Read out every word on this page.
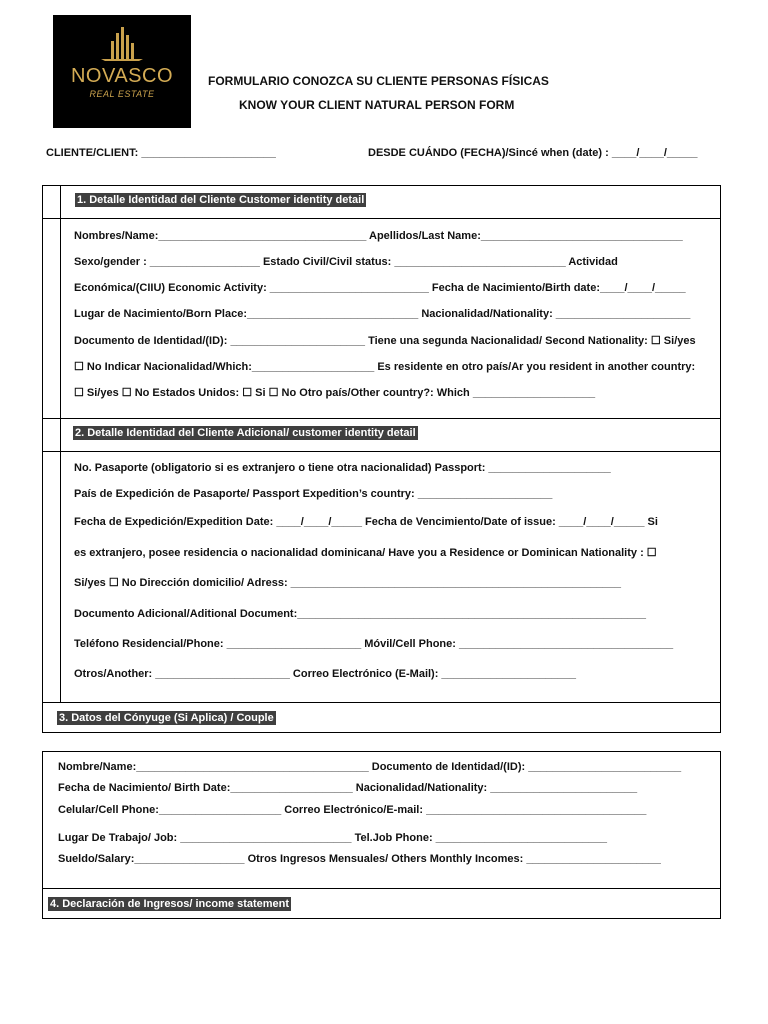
NOVASCO
REAL ESTATE
FORMULARIO CONOZCA SU CLIENTE PERSONAS FÍSICAS
KNOW YOUR CLIENT NATURAL PERSON FORM
CLIENTE/CLIENT: ______________________	DESDE CUÁNDO (FECHA)/Sincé when (date) : ____/____/_____
1. Detalle Identidad del Cliente Customer identity detail
Nombres/Name:__________________________________ Apellidos/Last Name:_________________________________
Sexo/gender : __________________ Estado Civil/Civil status: ____________________________ Actividad
Económica/(CIIU) Economic Activity: __________________________ Fecha de Nacimiento/Birth date:____/____/_____
Lugar de Nacimiento/Born Place:____________________________ Nacionalidad/Nationality: ______________________
Documento de Identidad/(ID): ______________________ Tiene una segunda Nacionalidad/ Second Nationality: ☐ Si/yes
☐ No Indicar Nacionalidad/Which:____________________ Es residente en otro país/Ar you resident in another country:
☐ Si/yes ☐ No Estados Unidos: ☐ Si ☐ No Otro país/Other country?: Which ____________________
2. Detalle Identidad del Cliente Adicional/ customer identity detail
No. Pasaporte (obligatorio si es extranjero o tiene otra nacionalidad) Passport: ____________________
País de Expedición de Pasaporte/ Passport Expedition’s country: ______________________
Fecha de Expedición/Expedition Date: ____/____/_____ Fecha de Vencimiento/Date of issue: ____/____/_____ Si
es extranjero, posee residencia o nacionalidad dominicana/ Have you a Residence or Dominican Nationality : ☐
Si/yes ☐ No Dirección domicilio/ Adress: ______________________________________________________
Documento Adicional/Aditional Document:_________________________________________________________
Teléfono Residencial/Phone: ______________________ Móvil/Cell Phone: ___________________________________
Otros/Another: ______________________ Correo Electrónico (E-Mail): ______________________
3. Datos del Cónyuge (Si Aplica) / Couple
Nombre/Name:______________________________________ Documento de Identidad/(ID): _________________________
Fecha de Nacimiento/ Birth Date:____________________ Nacionalidad/Nationality: ________________________
Celular/Cell Phone:____________________ Correo Electrónico/E-mail: ____________________________________
Lugar De Trabajo/ Job: ____________________________ Tel.Job Phone: ____________________________
Sueldo/Salary:__________________ Otros Ingresos Mensuales/ Others Monthly Incomes: ______________________
4. Declaración de Ingresos/ income statement
